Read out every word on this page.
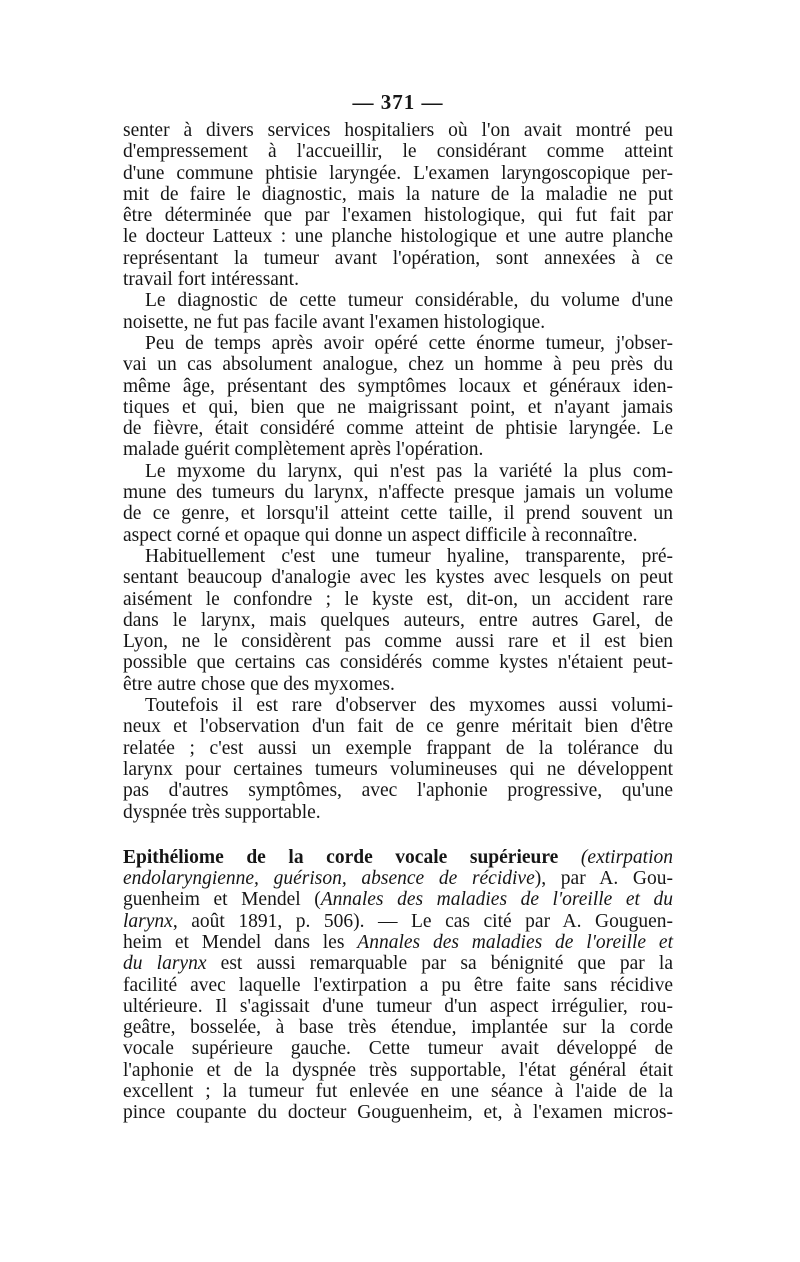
— 371 —
senter à divers services hospitaliers où l'on avait montré peu
d'empressement à l'accueillir, le considérant comme atteint
d'une commune phtisie laryngée. L'examen laryngoscopique per-
mit de faire le diagnostic, mais la nature de la maladie ne put
être déterminée que par l'examen histologique, qui fut fait par
le docteur Latteux : une planche histologique et une autre planche
représentant la tumeur avant l'opération, sont annexées à ce
travail fort intéressant.
Le diagnostic de cette tumeur considérable, du volume d'une
noisette, ne fut pas facile avant l'examen histologique.
Peu de temps après avoir opéré cette énorme tumeur, j'obser-
vai un cas absolument analogue, chez un homme à peu près du
même âge, présentant des symptômes locaux et généraux iden-
tiques et qui, bien que ne maigrissant point, et n'ayant jamais
de fièvre, était considéré comme atteint de phtisie laryngée. Le
malade guérit complètement après l'opération.
Le myxome du larynx, qui n'est pas la variété la plus com-
mune des tumeurs du larynx, n'affecte presque jamais un volume
de ce genre, et lorsqu'il atteint cette taille, il prend souvent un
aspect corné et opaque qui donne un aspect difficile à reconnaître.
Habituellement c'est une tumeur hyaline, transparente, pré-
sentant beaucoup d'analogie avec les kystes avec lesquels on peut
aisément le confondre ; le kyste est, dit-on, un accident rare
dans le larynx, mais quelques auteurs, entre autres Garel, de
Lyon, ne le considèrent pas comme aussi rare et il est bien
possible que certains cas considérés comme kystes n'étaient peut-
être autre chose que des myxomes.
Toutefois il est rare d'observer des myxomes aussi volumi-
neux et l'observation d'un fait de ce genre méritait bien d'être
relatée ; c'est aussi un exemple frappant de la tolérance du
larynx pour certaines tumeurs volumineuses qui ne développent
pas d'autres symptômes, avec l'aphonie progressive, qu'une
dyspnée très supportable.
Epithéliome de la corde vocale supérieure (extirpation
endolaryngienne, guérison, absence de récidive), par A. Gou-
guenheim et Mendel (Annales des maladies de l'oreille et du
larynx, août 1891, p. 506). — Le cas cité par A. Gouguen-
heim et Mendel dans les Annales des maladies de l'oreille et
du larynx est aussi remarquable par sa bénignité que par la
facilité avec laquelle l'extirpation a pu être faite sans récidive
ultérieure. Il s'agissait d'une tumeur d'un aspect irrégulier, rou-
geâtre, bosselée, à base très étendue, implantée sur la corde
vocale supérieure gauche. Cette tumeur avait développé de
l'aphonie et de la dyspnée très supportable, l'état général était
excellent ; la tumeur fut enlevée en une séance à l'aide de la
pince coupante du docteur Gouguenheim, et, à l'examen micros-
